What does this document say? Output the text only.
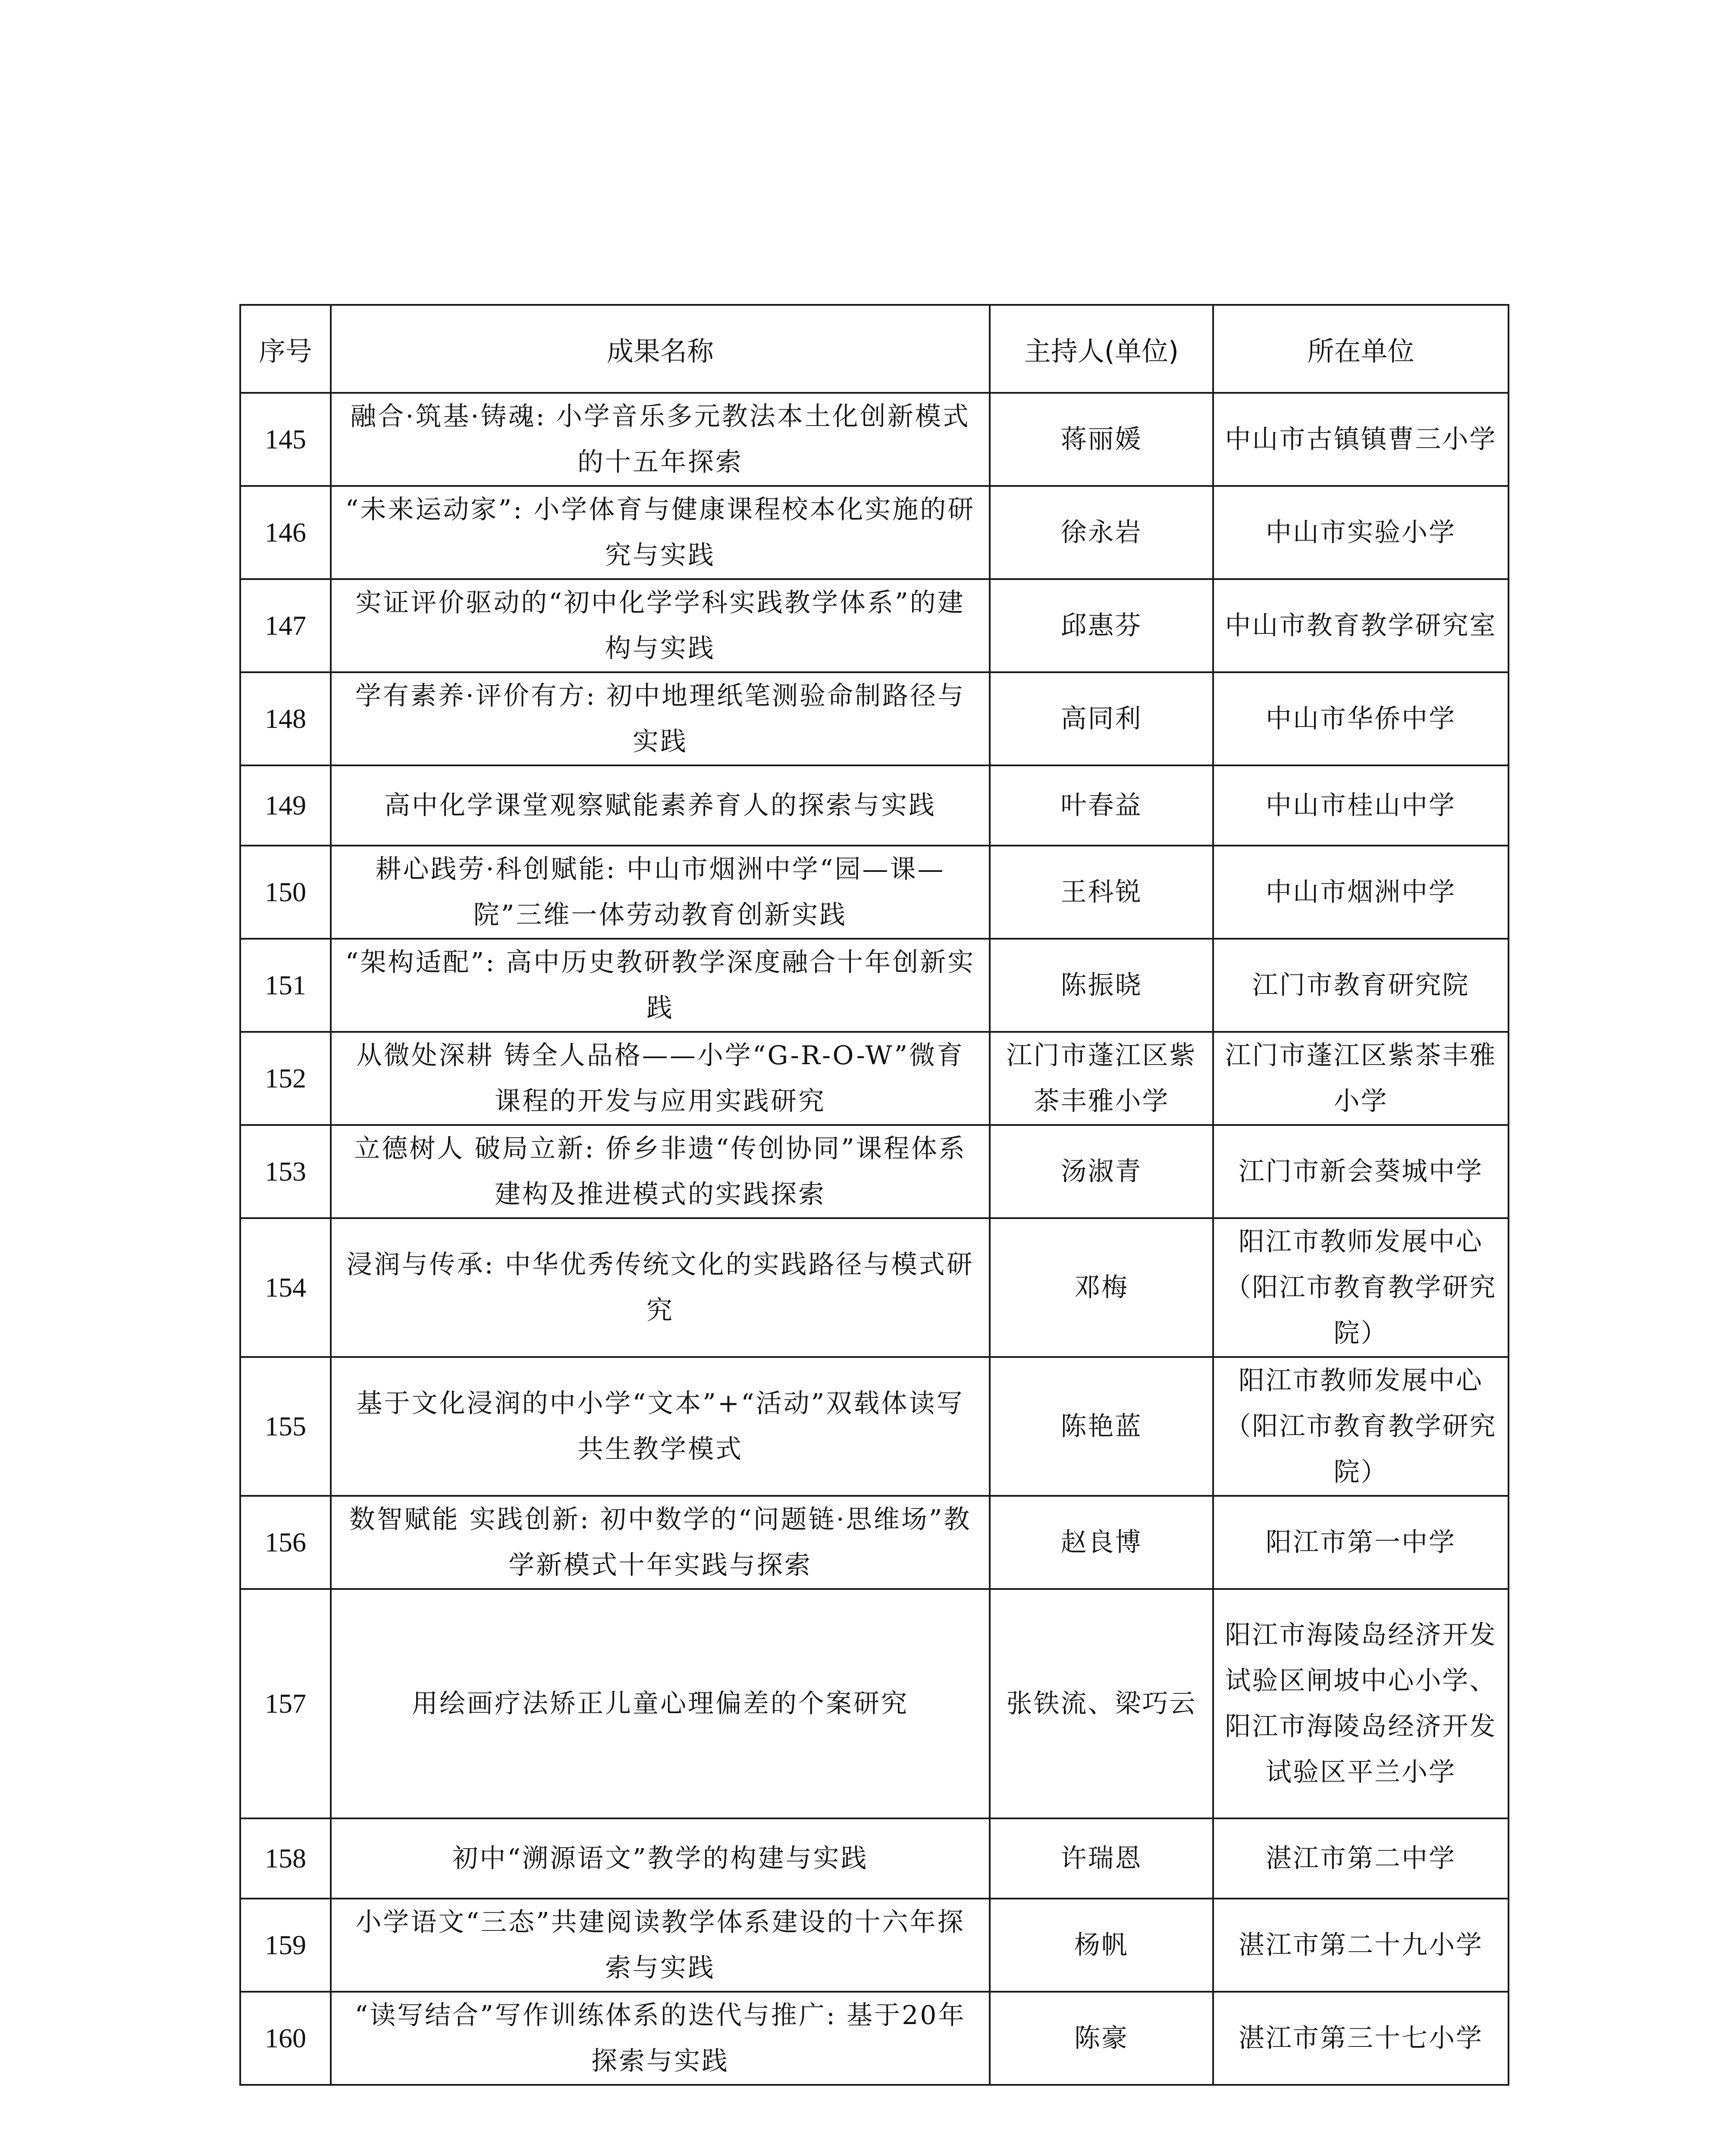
序号	成果名称	主持人(单位)	所在单位
145	融合·筑基·铸魂: 小学音乐多元教法本土化创新模式的十五年探索	蒋丽媛	中山市古镇镇曹三小学
146	“未来运动家”: 小学体育与健康课程校本化实施的研究与实践	徐永岩	中山市实验小学
147	实证评价驱动的“初中化学学科实践教学体系”的建构与实践	邱惠芬	中山市教育教学研究室
148	学有素养·评价有方: 初中地理纸笔测验命制路径与实践	高同利	中山市华侨中学
149	高中化学课堂观察赋能素养育人的探索与实践	叶春益	中山市桂山中学
150	耕心践劳·科创赋能: 中山市烟洲中学“园—课—院”三维一体劳动教育创新实践	王科锐	中山市烟洲中学
151	“架构适配”: 高中历史教研教学深度融合十年创新实践	陈振晓	江门市教育研究院
152	从微处深耕 铸全人品格——小学“G-R-O-W”微育课程的开发与应用实践研究	江门市蓬江区紫茶丰雅小学	江门市蓬江区紫茶丰雅小学
153	立德树人 破局立新: 侨乡非遗“传创协同”课程体系建构及推进模式的实践探索	汤淑青	江门市新会葵城中学
154	浸润与传承: 中华优秀传统文化的实践路径与模式研究	邓梅	阳江市教师发展中心（阳江市教育教学研究院）
155	基于文化浸润的中小学“文本”+“活动”双载体读写共生教学模式	陈艳蓝	阳江市教师发展中心（阳江市教育教学研究院）
156	数智赋能 实践创新: 初中数学的“问题链·思维场”教学新模式十年实践与探索	赵良博	阳江市第一中学
157	用绘画疗法矫正儿童心理偏差的个案研究	张铁流、梁巧云	阳江市海陵岛经济开发试验区闸坡中心小学、阳江市海陵岛经济开发试验区平兰小学
158	初中“溯源语文”教学的构建与实践	许瑞恩	湛江市第二中学
159	小学语文“三态”共建阅读教学体系建设的十六年探索与实践	杨帆	湛江市第二十九小学
160	“读写结合”写作训练体系的迭代与推广: 基于20年探索与实践	陈豪	湛江市第三十七小学
